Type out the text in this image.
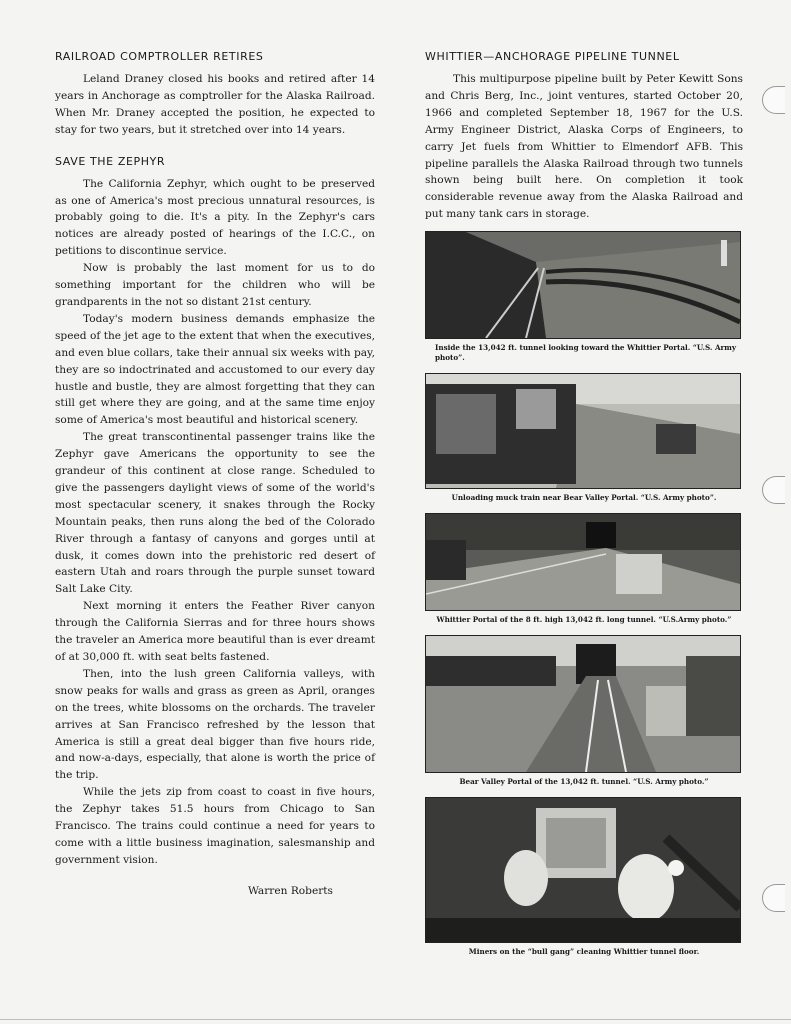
RAILROAD COMPTROLLER RETIRES

Leland Draney closed his books and retired after 14 years in Anchorage as comptroller for the Alaska Railroad. When Mr. Draney accepted the position, he expected to stay for two years, but it stretched over into 14 years.

SAVE THE ZEPHYR

The California Zephyr, which ought to be preserved as one of America's most precious unnatural resources, is probably going to die. It's a pity. In the Zephyr's cars notices are already posted of hearings of the I.C.C., on petitions to discontinue service.

Now is probably the last moment for us to do something important for the children who will be grandparents in the not so distant 21st century.

Today's modern business demands emphasize the speed of the jet age to the extent that when the executives, and even blue collars, take their annual six weeks with pay, they are so indoctrinated and accustomed to our every day hustle and bustle, they are almost forgetting that they can still get where they are going, and at the same time enjoy some of America's most beautiful and historical scenery.

The great transcontinental passenger trains like the Zephyr gave Americans the opportunity to see the grandeur of this continent at close range. Scheduled to give the passengers daylight views of some of the world's most spectacular scenery, it snakes through the Rocky Mountain peaks, then runs along the bed of the Colorado River through a fantasy of canyons and gorges until at dusk, it comes down into the prehistoric red desert of eastern Utah and roars through the purple sunset toward Salt Lake City.

Next morning it enters the Feather River canyon through the California Sierras and for three hours shows the traveler an America more beautiful than is ever dreamt of at 30,000 ft. with seat belts fastened.

Then, into the lush green California valleys, with snow peaks for walls and grass as green as April, oranges on the trees, white blossoms on the orchards. The traveler arrives at San Francisco refreshed by the lesson that America is still a great deal bigger than five hours ride, and now-a-days, especially, that alone is worth the price of the trip.

While the jets zip from coast to coast in five hours, the Zephyr takes 51.5 hours from Chicago to San Francisco. The trains could continue a need for years to come with a little business imagination, salesmanship and government vision.

Warren Roberts

WHITTIER—ANCHORAGE PIPELINE TUNNEL

This multipurpose pipeline built by Peter Kewitt Sons and Chris Berg, Inc., joint ventures, started October 20, 1966 and completed September 18, 1967 for the U.S. Army Engineer District, Alaska Corps of Engineers, to carry Jet fuels from Whittier to Elmendorf AFB. This pipeline parallels the Alaska Railroad through two tunnels shown being built here. On completion it took considerable revenue away from the Alaska Railroad and put many tank cars in storage.

Inside the 13,042 ft. tunnel looking toward the Whittier Portal. “U.S. Army photo”.

Unloading muck train near Bear Valley Portal. “U.S. Army photo”.

Whittier Portal of the 8 ft. high 13,042 ft. long tunnel. “U.S.Army photo.”

Bear Valley Portal of the 13,042 ft. tunnel. “U.S. Army photo.”

Miners on the “bull gang” cleaning Whittier tunnel floor.
